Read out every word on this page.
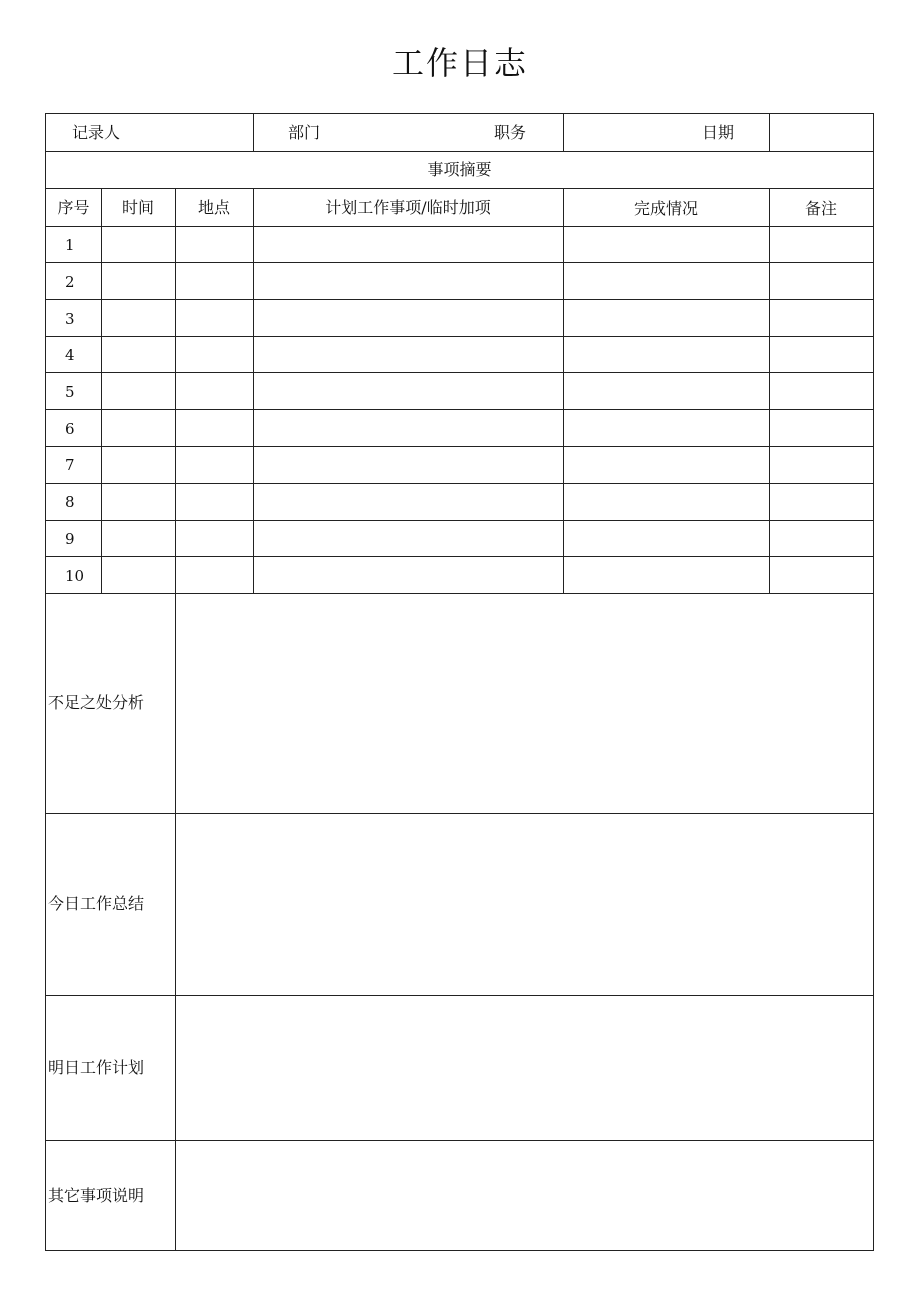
工作日志
记录人	部门	职务	日期
事项摘要
序号	时间	地点	计划工作事项/临时加项	完成情况	备注
1
2
3
4
5
6
7
8
9
10
不足之处分析
今日工作总结
明日工作计划
其它事项说明
